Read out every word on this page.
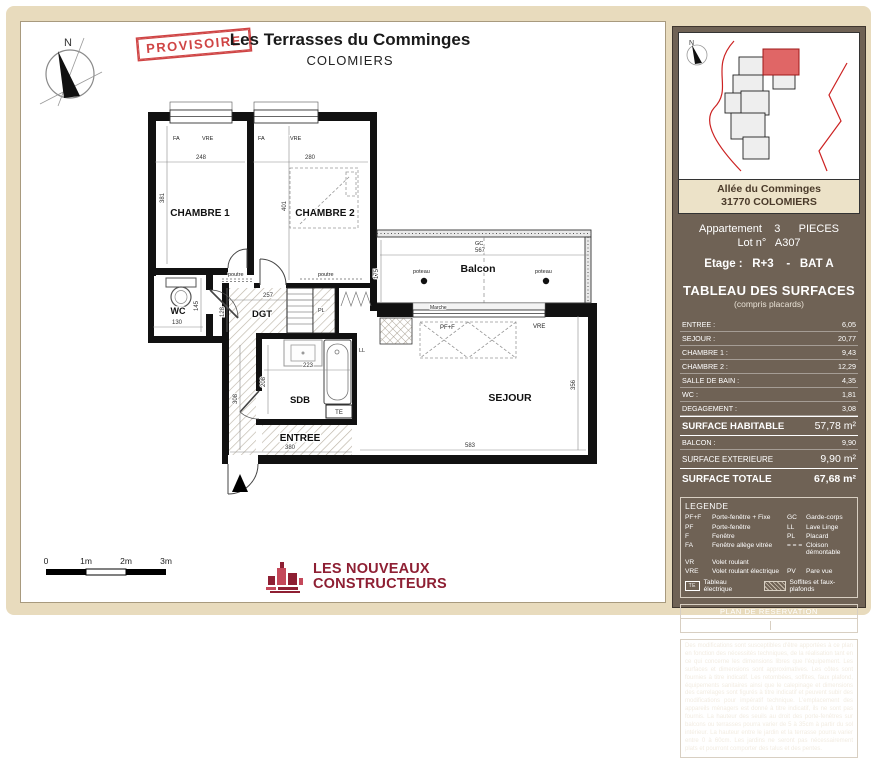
N	PROVISOIRE
Les Terrasses du Comminges
COLOMIERS
TE
248	280
381
401
567
175
257
128
130
145
308
223
208
380	583
356
FA	VRE	FA	VRE
GC
poutre	poutre	poteau	poteau
Marche
PF+F	VRE
LL
PL
CHAMBRE 1	CHAMBRE 2
WC	DGT
SDB
ENTREE
SEJOUR
Balcon
0	1m	2m	3m
LES NOUVEAUX
CONSTRUCTEURS
N
Allée du Comminges
31770 COLOMIERS
Appartement    3      PIECES
Lot n°   A307
Etage :   R+3    -   BAT A
TABLEAU DES SURFACES
(compris placards)
ENTREE :	6,05
SEJOUR :	20,77
CHAMBRE 1 :	9,43
CHAMBRE 2 :	12,29
SALLE DE BAIN :	4,35
WC :	1,81
DEGAGEMENT :	3,08
SURFACE HABITABLE	57,78 m²
BALCON :	9,90
SURFACE EXTERIEURE	9,90 m²
SURFACE TOTALE	67,68 m²
LEGENDE
PF+F	Porte-fenêtre + Fixe	GC	Garde-corps
PF	Porte-fenêtre	LL	Lave Linge
F	Fenêtre	PL	Placard
FA	Fenêtre allège vitrée	= = = Cloison démontable
VR	Volet roulant
VRE	Volet roulant électrique	PV	Pare vue
TE	Tableau électrique
Soffites et faux-plafonds
PLAN DE RESERVATION
INDICE :	A	DATE :	31/01/2025
Des modifications sont susceptibles d'être apportées à ce plan en fonction des nécessités techniques, de la réalisation tant en ce qui concerne les dimensions libres que l'équipement. Les surfaces et dimensions sont approximatives. Les côtes sont fournies à titre indicatif. Les retombées, soffites, faux plafond, équipements sanitaires ainsi que le calepinage et dimensions des carrelages sont figurés à titre indicatif et peuvent subir des modifications pour impératif technique. L'emplacement des appareils ménagers est donné à titre indicatif, ils ne sont pas fournis. La hauteur des seuils au droit des porte-fenêtres sur balcons ou terrasses pourra varier de 5 à 35cm à partir du sol intérieur. La hauteur entre le jardin et la terrasse pourra varier entre 0 à 60cm. Les jardins ne seront pas nécessairement plats et pourront comporter des talus et des pentes.
